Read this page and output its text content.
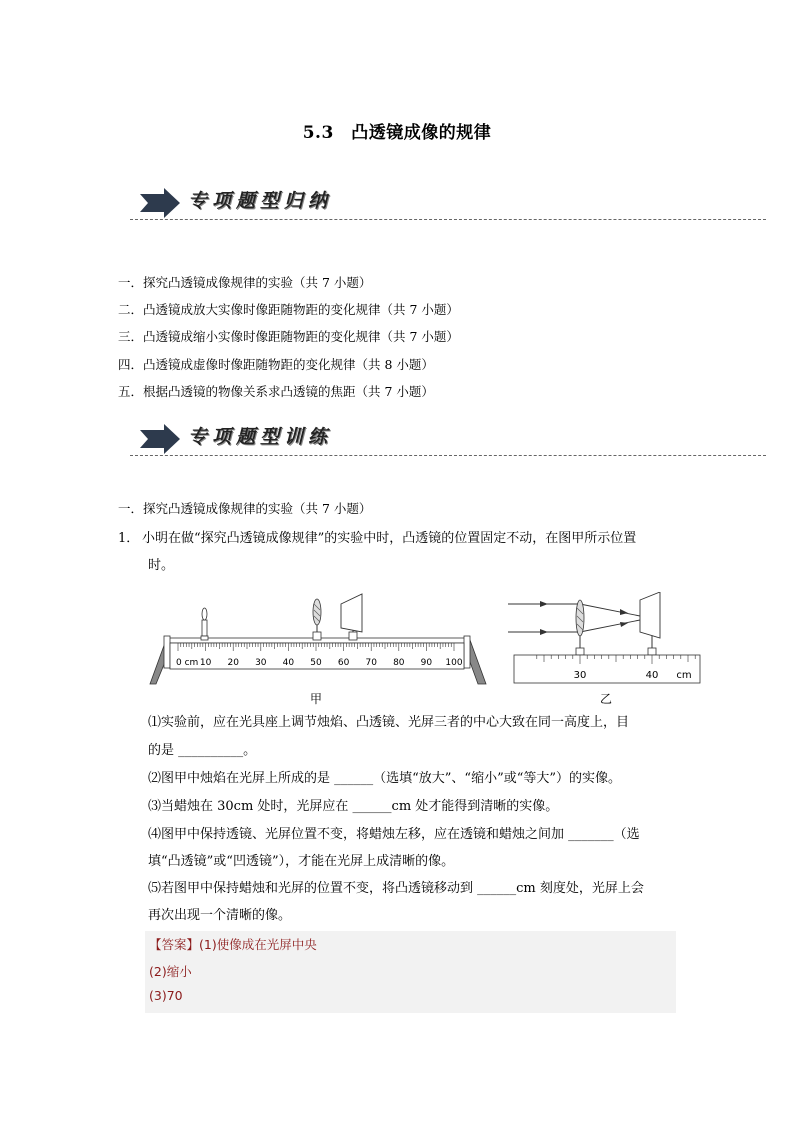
5.3　凸透镜成像的规律
专项题型归纳
一．探究凸透镜成像规律的实验（共 7 小题）
二．凸透镜成放大实像时像距随物距的变化规律（共 7 小题）
三．凸透镜成缩小实像时像距随物距的变化规律（共 7 小题）
四．凸透镜成虚像时像距随物距的变化规律（共 8 小题）
五．根据凸透镜的物像关系求凸透镜的焦距（共 7 小题）
专项题型训练
一．探究凸透镜成像规律的实验（共 7 小题）
1． 小明在做“探究凸透镜成像规律”的实验中时，凸透镜的位置固定不动，在图甲所示位置
时。
0 cm 10 20 30 40 50 60 70 80 90 100
甲
30	40 cm
乙
⑴实验前，应在光具座上调节烛焰、凸透镜、光屏三者的中心大致在同一高度上，目
的是 __________。
⑵图甲中烛焰在光屏上所成的是 ______（选填“放大”、“缩小”或“等大”）的实像。
⑶当蜡烛在 30cm 处时，光屏应在 ______cm 处才能得到清晰的实像。
⑷图甲中保持透镜、光屏位置不变，将蜡烛左移，应在透镜和蜡烛之间加 _______（选
填“凸透镜”或“凹透镜”），才能在光屏上成清晰的像。
⑸若图甲中保持蜡烛和光屏的位置不变，将凸透镜移动到 ______cm 刻度处，光屏上会
再次出现一个清晰的像。
【答案】(1)使像成在光屏中央
(2)缩小
(3)70
